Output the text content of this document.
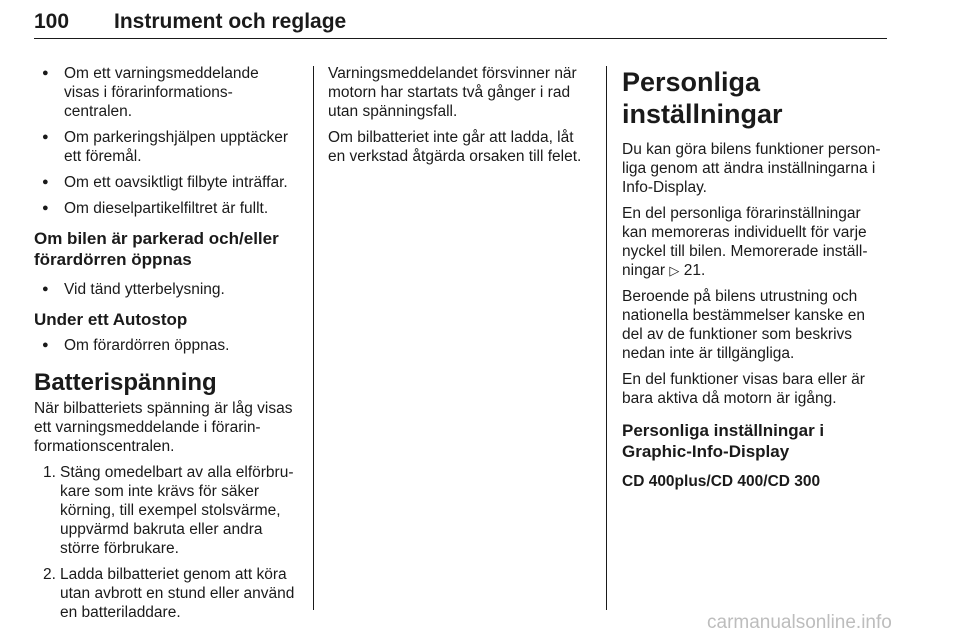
100 Instrument och reglage
● Om ett varningsmeddelande visas i förarinformations-centralen.
● Om parkeringshjälpen upptäcker ett föremål.
● Om ett oavsiktligt filbyte inträffar.
● Om dieselpartikelfiltret är fullt.
Om bilen är parkerad och/eller förardörren öppnas
● Vid tänd ytterbelysning.
Under ett Autostop
● Om förardörren öppnas.
Batterispänning

När bilbatteriets spänning är låg visas ett varningsmeddelande i förarin-formationscentralen.

1. Stäng omedelbart av alla elförbru-kare som inte krävs för säker körning, till exempel stolsvärme, uppvärmd bakruta eller andra större förbrukare.
2. Ladda bilbatteriet genom att köra utan avbrott en stund eller använd en batteriladdare.

Varningsmeddelandet försvinner när motorn har startats två gånger i rad utan spänningsfall.

Om bilbatteriet inte går att ladda, låt en verkstad åtgärda orsaken till felet.

Personliga inställningar

Du kan göra bilens funktioner person-liga genom att ändra inställningarna i Info-Display.

En del personliga förarinställningar kan memoreras individuellt för varje nyckel till bilen. Memorerade inställ-ningar ▷ 21.

Beroende på bilens utrustning och nationella bestämmelser kanske en del av de funktioner som beskrivs nedan inte är tillgängliga.

En del funktioner visas bara eller är bara aktiva då motorn är igång.

Personliga inställningar i Graphic-Info-Display
CD 400plus/CD 400/CD 300
carmanualsonline.info
